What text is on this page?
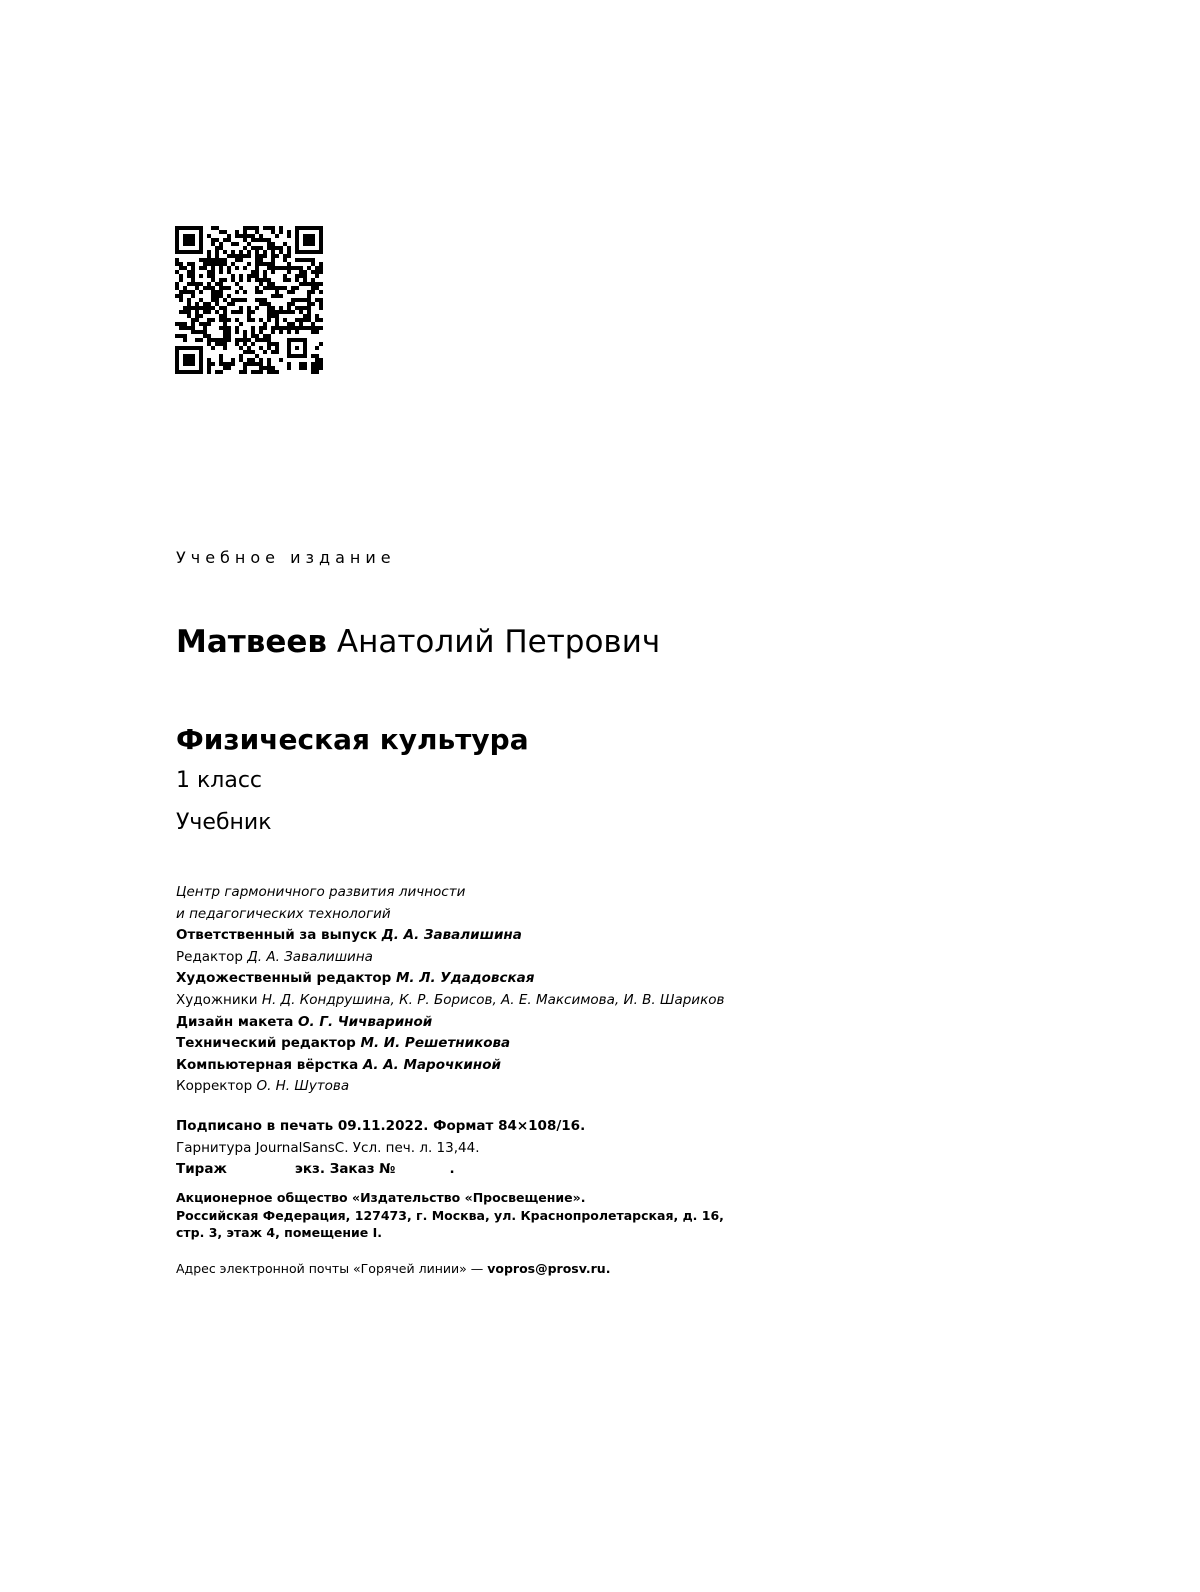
Учебное издание
Матвеев Анатолий Петрович
Физическая культура
1 класс
Учебник
Центр гармоничного развития личности
и педагогических технологий
Ответственный за выпуск Д. А. Завалишина
Редактор Д. А. Завалишина
Художественный редактор М. Л. Удадовская
Художники Н. Д. Кондрушина, К. Р. Борисов, А. Е. Максимова, И. В. Шариков
Дизайн макета О. Г. Чичвариной
Технический редактор М. И. Решетникова
Компьютерная вёрстка А. А. Марочкиной
Корректор О. Н. Шутова
Подписано в печать 09.11.2022. Формат 84×108/16.
Гарнитура JournalSansC. Усл. печ. л. 13,44.
Тираж	экз. Заказ №	.
Акционерное общество «Издательство «Просвещение».
Российская Федерация, 127473, г. Москва, ул. Краснопролетарская, д. 16,
стр. 3, этаж 4, помещение I.
Адрес электронной почты «Горячей линии» — vopros@prosv.ru.
